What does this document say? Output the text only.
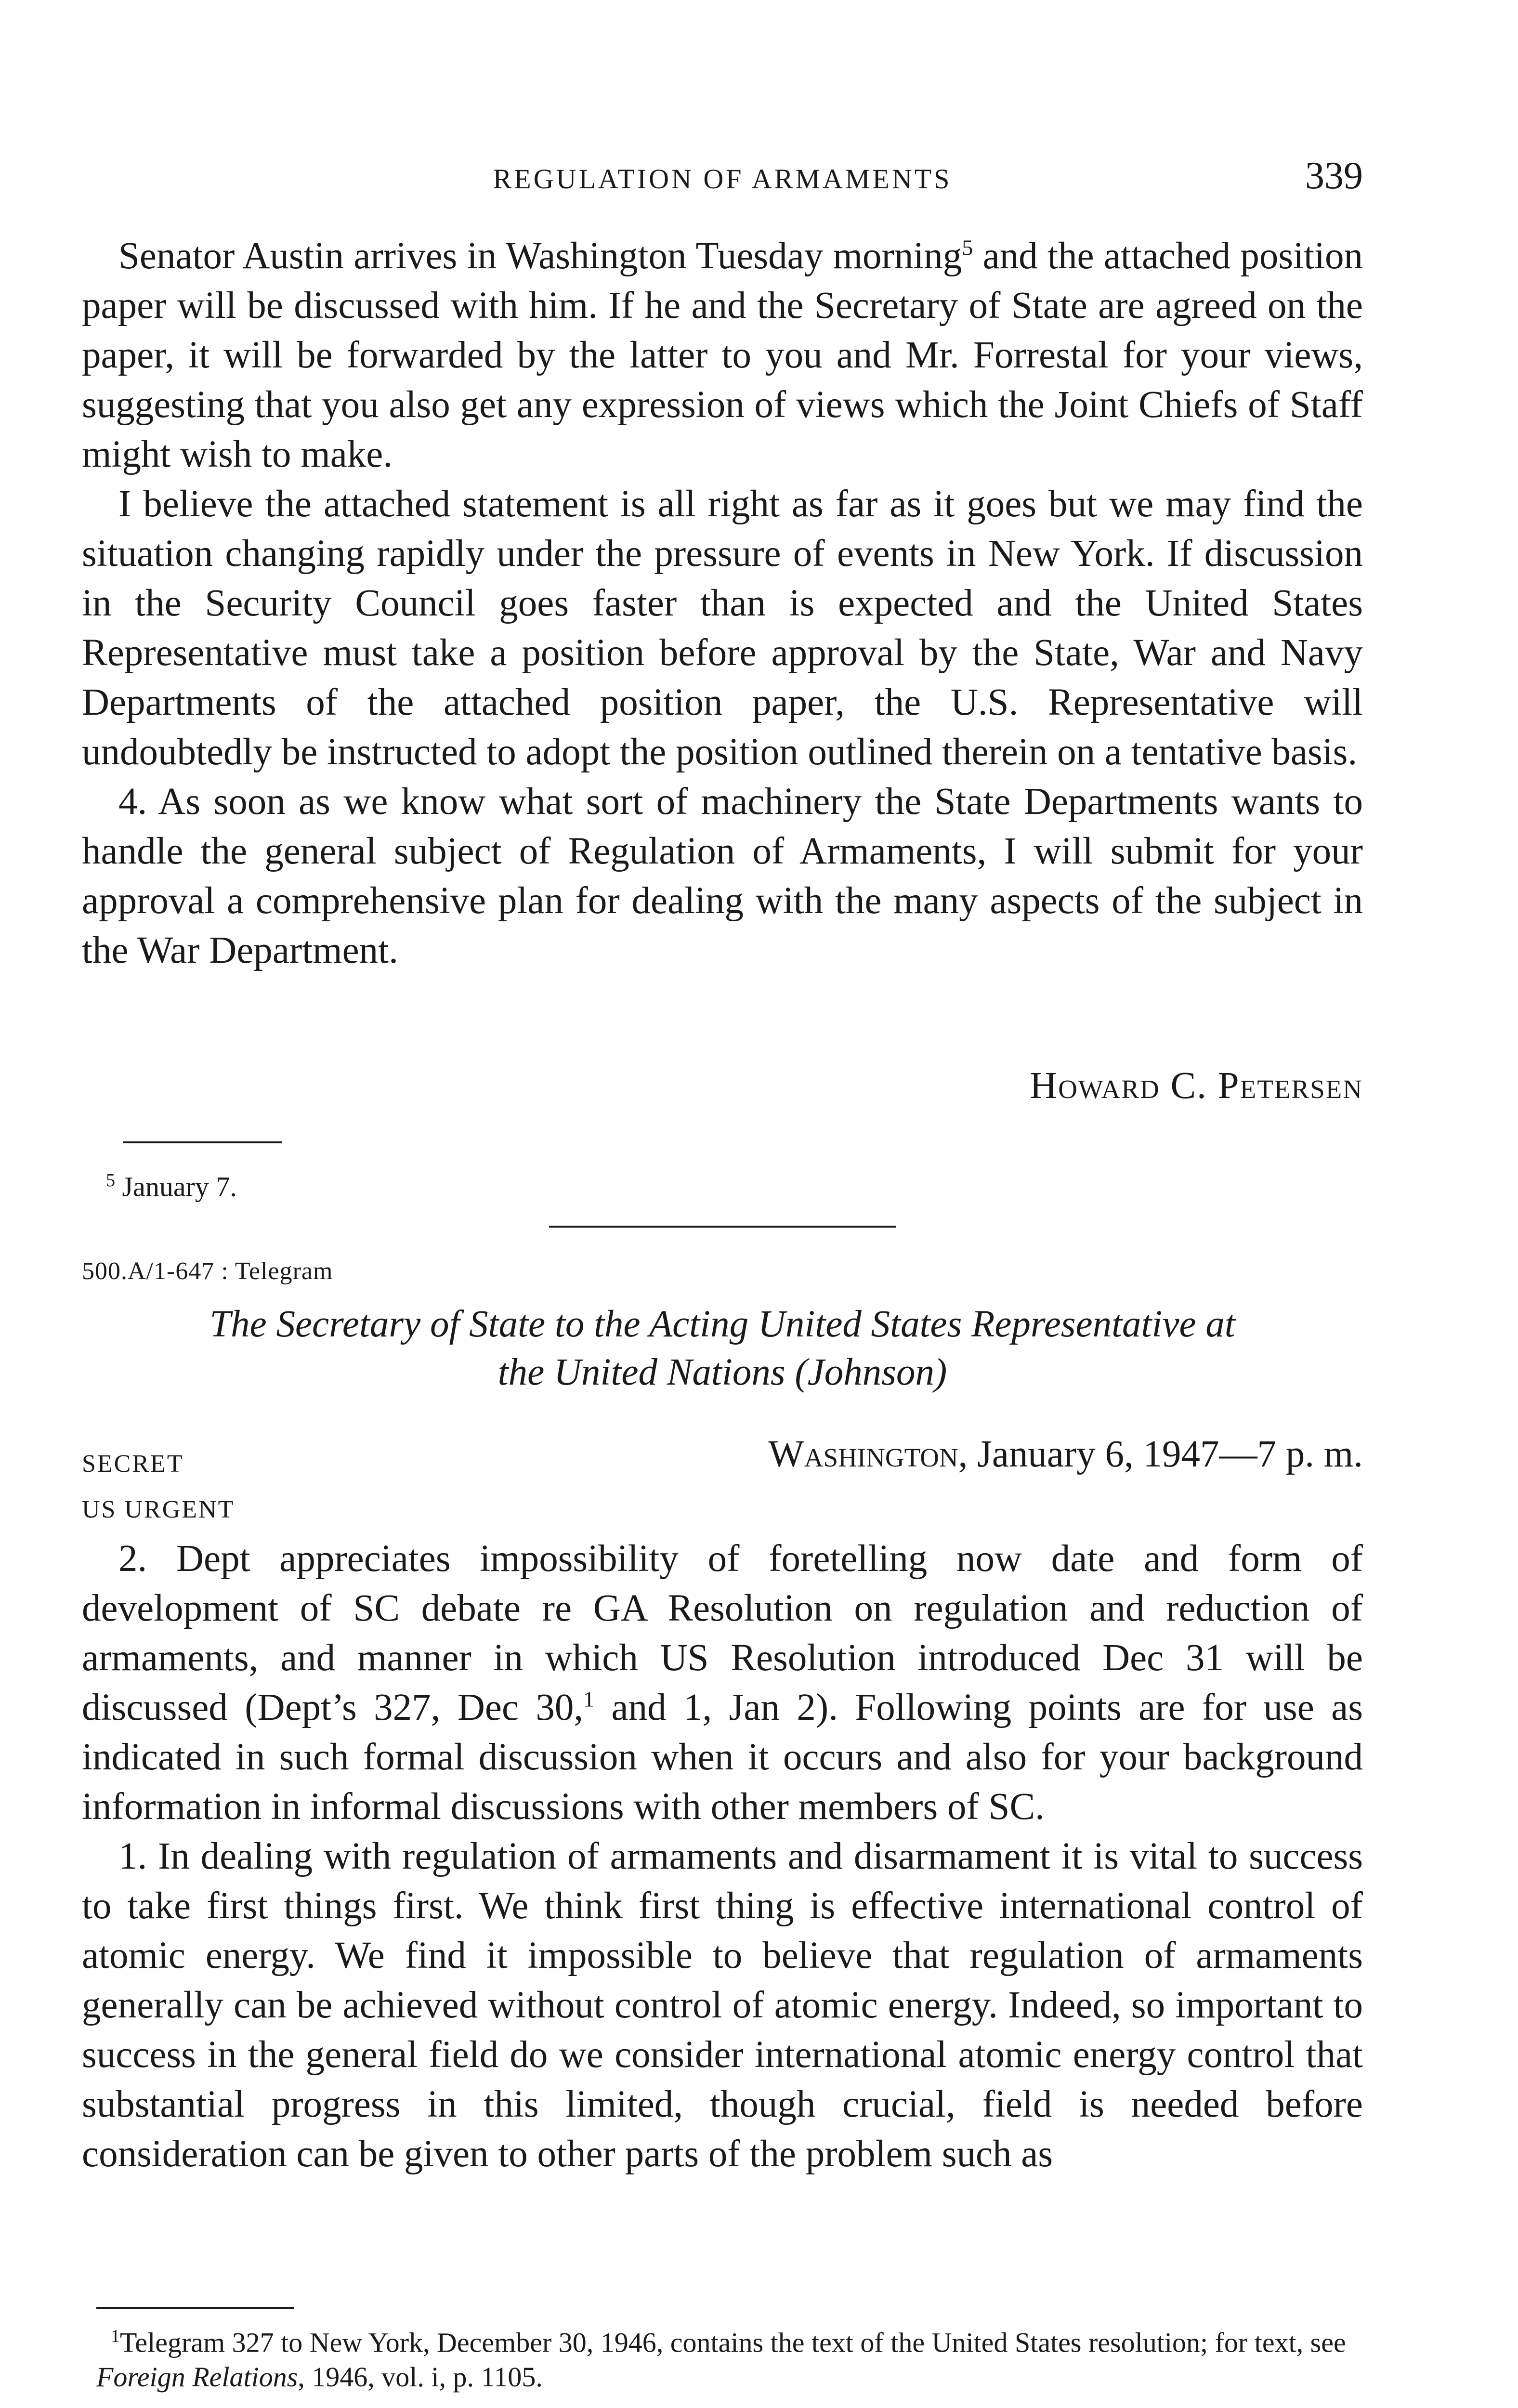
REGULATION OF ARMAMENTS	339

Senator Austin arrives in Washington Tuesday morning$^5$ and the attached position paper will be discussed with him. If he and the Secretary of State are agreed on the paper, it will be forwarded by the latter to you and Mr. Forrestal for your views, suggesting that you also get any expression of views which the Joint Chiefs of Staff might wish to make.

I believe the attached statement is all right as far as it goes but we may find the situation changing rapidly under the pressure of events in New York. If discussion in the Security Council goes faster than is expected and the United States Representative must take a position before approval by the State, War and Navy Departments of the attached position paper, the U.S. Representative will undoubtedly be instructed to adopt the position outlined therein on a tentative basis.

4. As soon as we know what sort of machinery the State Departments wants to handle the general subject of Regulation of Armaments, I will submit for your approval a comprehensive plan for dealing with the many aspects of the subject in the War Department.

Howard C. Petersen
$^5$ January 7.
500.A/1-647 : Telegram
The Secretary of State to the Acting United States Representative at
the United Nations (Johnson)
SECRET	Washington, January 6, 1947—7 p. m.
US URGENT

2. Dept appreciates impossibility of foretelling now date and form of development of SC debate re GA Resolution on regulation and reduction of armaments, and manner in which US Resolution introduced Dec 31 will be discussed (Dept’s 327, Dec 30,$^1$ and 1, Jan 2). Following points are for use as indicated in such formal discussion when it occurs and also for your background information in informal discussions with other members of SC.

1. In dealing with regulation of armaments and disarmament it is vital to success to take first things first. We think first thing is effective international control of atomic energy. We find it impossible to believe that regulation of armaments generally can be achieved without control of atomic energy. Indeed, so important to success in the general field do we consider international atomic energy control that substantial progress in this limited, though crucial, field is needed before consideration can be given to other parts of the problem such as

$^1$Telegram 327 to New York, December 30, 1946, contains the text of the United States resolution; for text, see Foreign Relations, 1946, vol. i, p. 1105.
